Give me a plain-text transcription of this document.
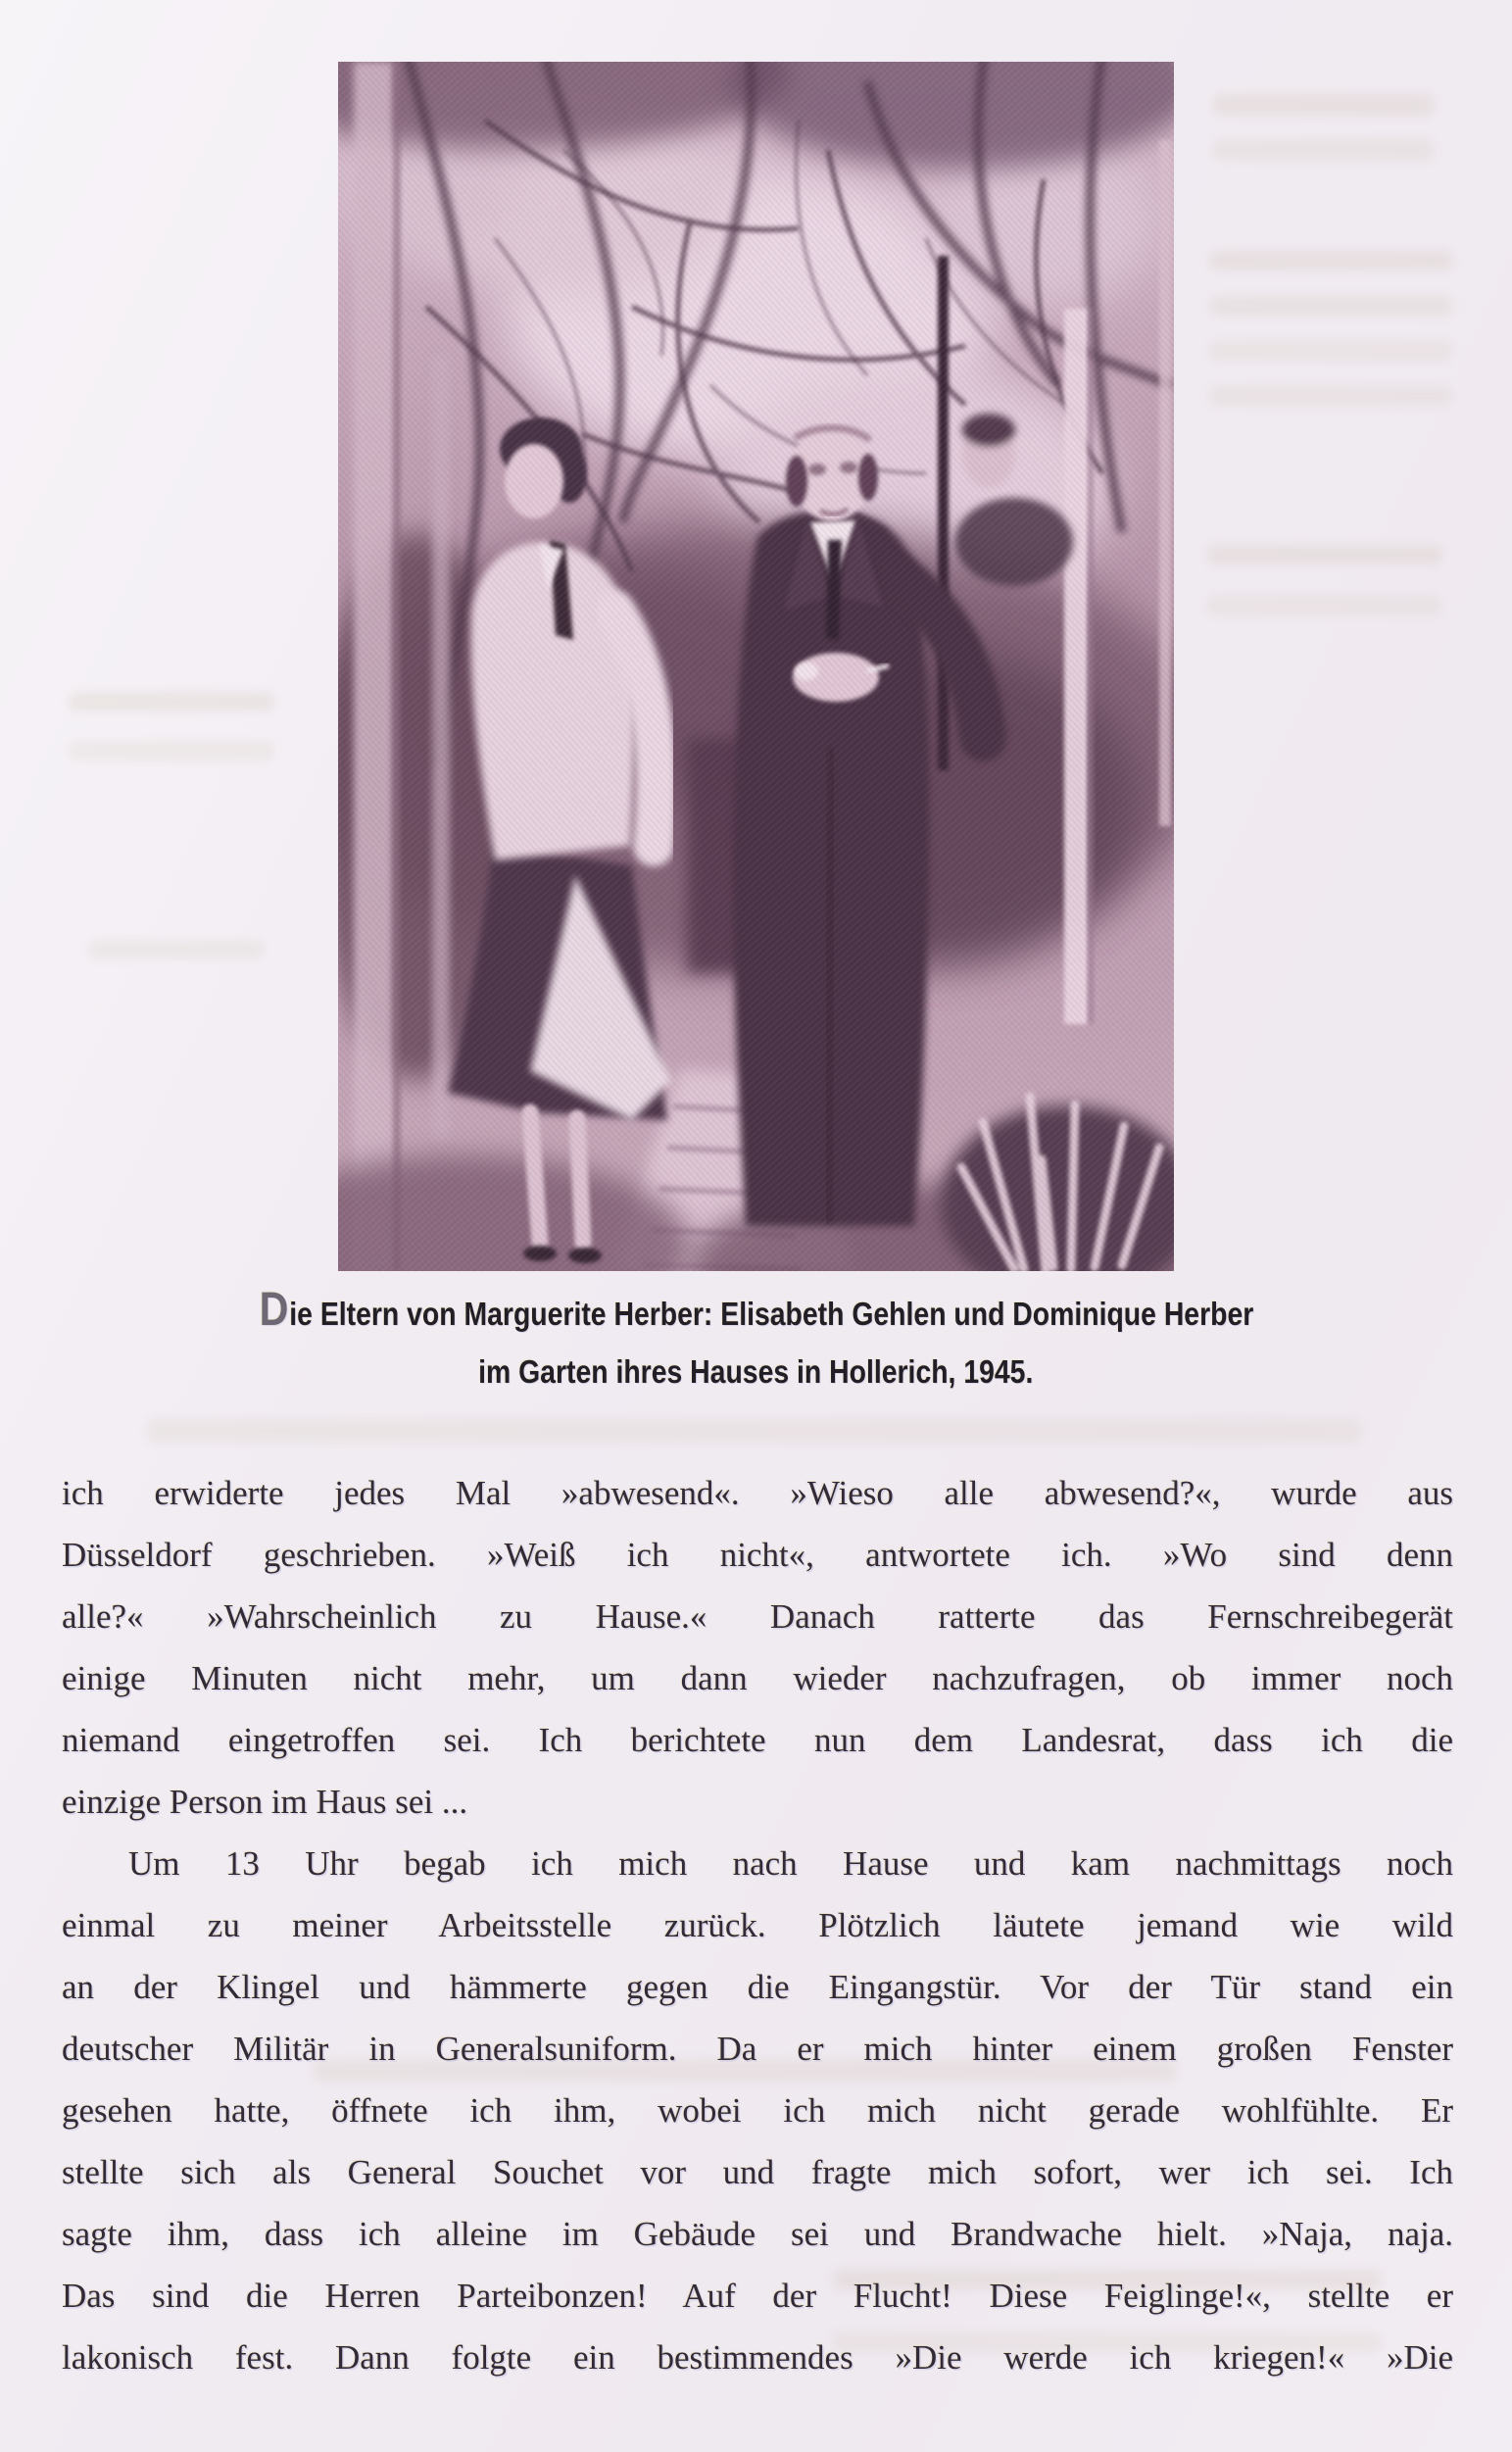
Die Eltern von Marguerite Herber: Elisabeth Gehlen und Dominique Herber
im Garten ihres Hauses in Hollerich, 1945.

ich erwiderte jedes Mal »abwesend«. »Wieso alle abwesend?«, wurde aus

Düsseldorf geschrieben. »Weiß ich nicht«, antwortete ich. »Wo sind denn

alle?« »Wahrscheinlich zu Hause.« Danach ratterte das Fernschreibegerät

einige Minuten nicht mehr, um dann wieder nachzufragen, ob immer noch

niemand eingetroffen sei. Ich berichtete nun dem Landesrat, dass ich die

einzige Person im Haus sei ...

Um 13 Uhr begab ich mich nach Hause und kam nachmittags noch

einmal zu meiner Arbeitsstelle zurück. Plötzlich läutete jemand wie wild

an der Klingel und hämmerte gegen die Eingangstür. Vor der Tür stand ein

deutscher Militär in Generalsuniform. Da er mich hinter einem großen Fenster

gesehen hatte, öffnete ich ihm, wobei ich mich nicht gerade wohlfühlte. Er

stellte sich als General Souchet vor und fragte mich sofort, wer ich sei. Ich

sagte ihm, dass ich alleine im Gebäude sei und Brandwache hielt. »Naja, naja.

Das sind die Herren Parteibonzen! Auf der Flucht! Diese Feiglinge!«, stellte er

lakonisch fest. Dann folgte ein bestimmendes »Die werde ich kriegen!« »Die
